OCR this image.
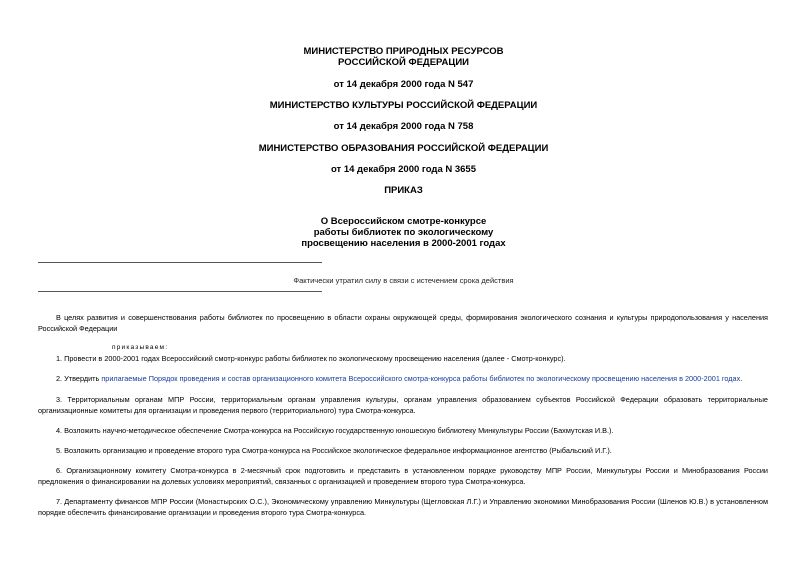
МИНИСТЕРСТВО ПРИРОДНЫХ РЕСУРСОВ
РОССИЙСКОЙ ФЕДЕРАЦИИ
от 14 декабря 2000 года N 547
МИНИСТЕРСТВО КУЛЬТУРЫ РОССИЙСКОЙ ФЕДЕРАЦИИ
от 14 декабря 2000 года N 758
МИНИСТЕРСТВО ОБРАЗОВАНИЯ РОССИЙСКОЙ ФЕДЕРАЦИИ
от 14 декабря 2000 года N 3655
ПРИКАЗ
О Всероссийском смотре-конкурсе
работы библиотек по экологическому
просвещению населения в 2000-2001 годах
Фактически утратил силу в связи с истечением срока действия
В целях развития и совершенствования работы библиотек по просвещению в области охраны окружающей среды, формирования экологического сознания и культуры природопользования у населения Российской Федерации
приказываем:
1. Провести в 2000-2001 годах Всероссийский смотр-конкурс работы библиотек по экологическому просвещению населения (далее - Смотр-конкурс).
2. Утвердить прилагаемые Порядок проведения и состав организационного комитета Всероссийского смотра-конкурса работы библиотек по экологическому просвещению населения в 2000-2001 годах.
3. Территориальным органам МПР России, территориальным органам управления культуры, органам управления образованием субъектов Российской Федерации образовать территориальные организационные комитеты для организации и проведения первого (территориального) тура Смотра-конкурса.
4. Возложить научно-методическое обеспечение Смотра-конкурса на Российскую государственную юношескую библиотеку Минкультуры России (Бахмутская И.В.).
5. Возложить организацию и проведение второго тура Смотра-конкурса на Российское экологическое федеральное информационное агентство (Рыбальский И.Г.).
6. Организационному комитету Смотра-конкурса в 2-месячный срок подготовить и представить в установленном порядке руководству МПР России, Минкультуры России и Минобразования России предложения о финансировании на долевых условиях мероприятий, связанных с организацией и проведением второго тура Смотра-конкурса.
7. Департаменту финансов МПР России (Монастырских О.С.), Экономическому управлению Минкультуры (Щегловская Л.Г.) и Управлению экономики Минобразования России (Шленов Ю.В.) в установленном порядке обеспечить финансирование организации и проведения второго тура Смотра-конкурса.
